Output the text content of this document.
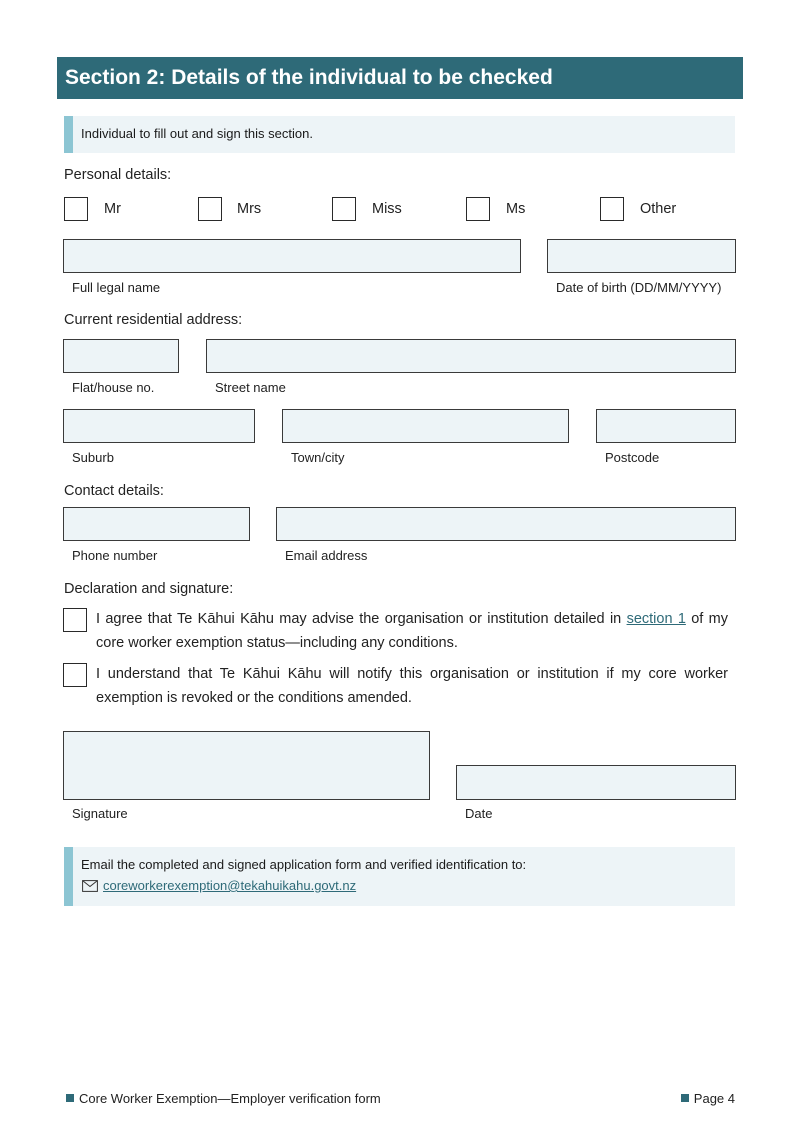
Section 2: Details of the individual to be checked
Individual to fill out and sign this section.
Personal details:
Mr	Mrs	Miss	Ms	Other
Full legal name	Date of birth (DD/MM/YYYY)
Current residential address:
Flat/house no.	Street name
Suburb	Town/city	Postcode
Contact details:
Phone number	Email address
Declaration and signature:
I agree that Te Kāhui Kāhu may advise the organisation or institution detailed in section 1 of my core worker exemption status—including any conditions.
I understand that Te Kāhui Kāhu will notify this organisation or institution if my core worker exemption is revoked or the conditions amended.
Signature	Date
Email the completed and signed application form and verified identification to:
coreworkerexemption@tekahuikahu.govt.nz
Core Worker Exemption—Employer verification form	Page 4
